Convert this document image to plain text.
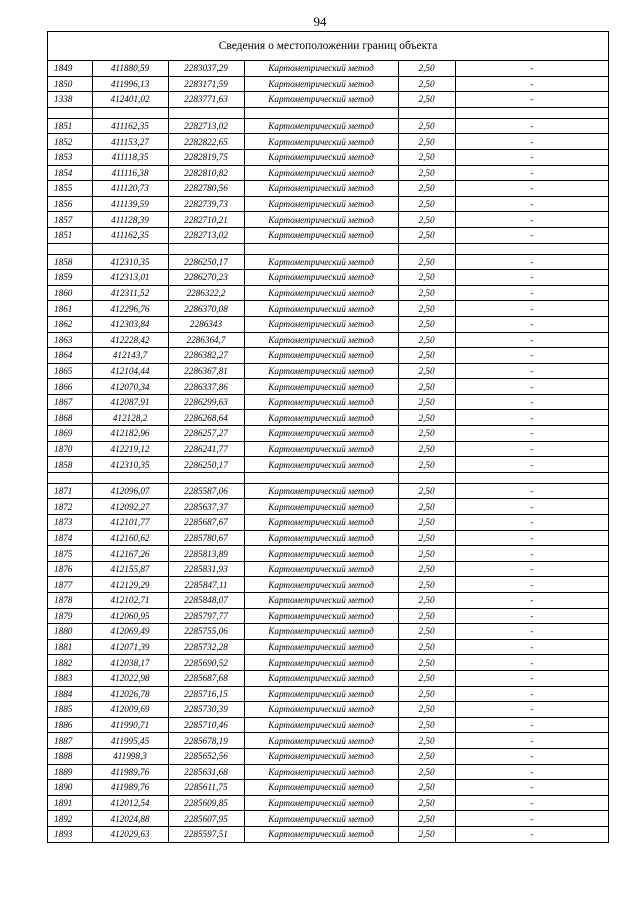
94
Сведения о местоположении границ объекта
1849	411880,59	2283037,29	Картометрический метод	2,50	-
1850	411996,13	2283171,59	Картометрический метод	2,50	-
1338	412401,02	2283771,63	Картометрический метод	2,50	-

1851	411162,35	2282713,02	Картометрический метод	2,50	-
1852	411153,27	2282822,65	Картометрический метод	2,50	-
1853	411118,35	2282819,75	Картометрический метод	2,50	-
1854	411116,38	2282810,82	Картометрический метод	2,50	-
1855	411120,73	2282780,56	Картометрический метод	2,50	-
1856	411139,59	2282739,73	Картометрический метод	2,50	-
1857	411128,39	2282710,21	Картометрический метод	2,50	-
1851	411162,35	2282713,02	Картометрический метод	2,50	-

1858	412310,35	2286250,17	Картометрический метод	2,50	-
1859	412313,01	2286270,23	Картометрический метод	2,50	-
1860	412311,52	2286322,2	Картометрический метод	2,50	-
1861	412296,76	2286370,08	Картометрический метод	2,50	-
1862	412303,84	2286343	Картометрический метод	2,50	-
1863	412228,42	2286364,7	Картометрический метод	2,50	-
1864	412143,7	2286382,27	Картометрический метод	2,50	-
1865	412104,44	2286367,81	Картометрический метод	2,50	-
1866	412070,34	2286337,86	Картометрический метод	2,50	-
1867	412087,91	2286299,63	Картометрический метод	2,50	-
1868	412128,2	2286268,64	Картометрический метод	2,50	-
1869	412182,96	2286257,27	Картометрический метод	2,50	-
1870	412219,12	2286241,77	Картометрический метод	2,50	-
1858	412310,35	2286250,17	Картометрический метод	2,50	-

1871	412096,07	2285587,06	Картометрический метод	2,50	-
1872	412092,27	2285637,37	Картометрический метод	2,50	-
1873	412101,77	2285687,67	Картометрический метод	2,50	-
1874	412160,62	2285780,67	Картометрический метод	2,50	-
1875	412167,26	2285813,89	Картометрический метод	2,50	-
1876	412155,87	2285831,93	Картометрический метод	2,50	-
1877	412129,29	2285847,11	Картометрический метод	2,50	-
1878	412102,71	2285848,07	Картометрический метод	2,50	-
1879	412060,95	2285797,77	Картометрический метод	2,50	-
1880	412069,49	2285755,06	Картометрический метод	2,50	-
1881	412071,39	2285732,28	Картометрический метод	2,50	-
1882	412038,17	2285690,52	Картометрический метод	2,50	-
1883	412022,98	2285687,68	Картометрический метод	2,50	-
1884	412026,78	2285716,15	Картометрический метод	2,50	-
1885	412009,69	2285730,39	Картометрический метод	2,50	-
1886	411990,71	2285710,46	Картометрический метод	2,50	-
1887	411995,45	2285678,19	Картометрический метод	2,50	-
1888	411998,3	2285652,56	Картометрический метод	2,50	-
1889	411989,76	2285631,68	Картометрический метод	2,50	-
1890	411989,76	2285611,75	Картометрический метод	2,50	-
1891	412012,54	2285609,85	Картометрический метод	2,50	-
1892	412024,88	2285607,95	Картометрический метод	2,50	-
1893	412029,63	2285597,51	Картометрический метод	2,50	-
